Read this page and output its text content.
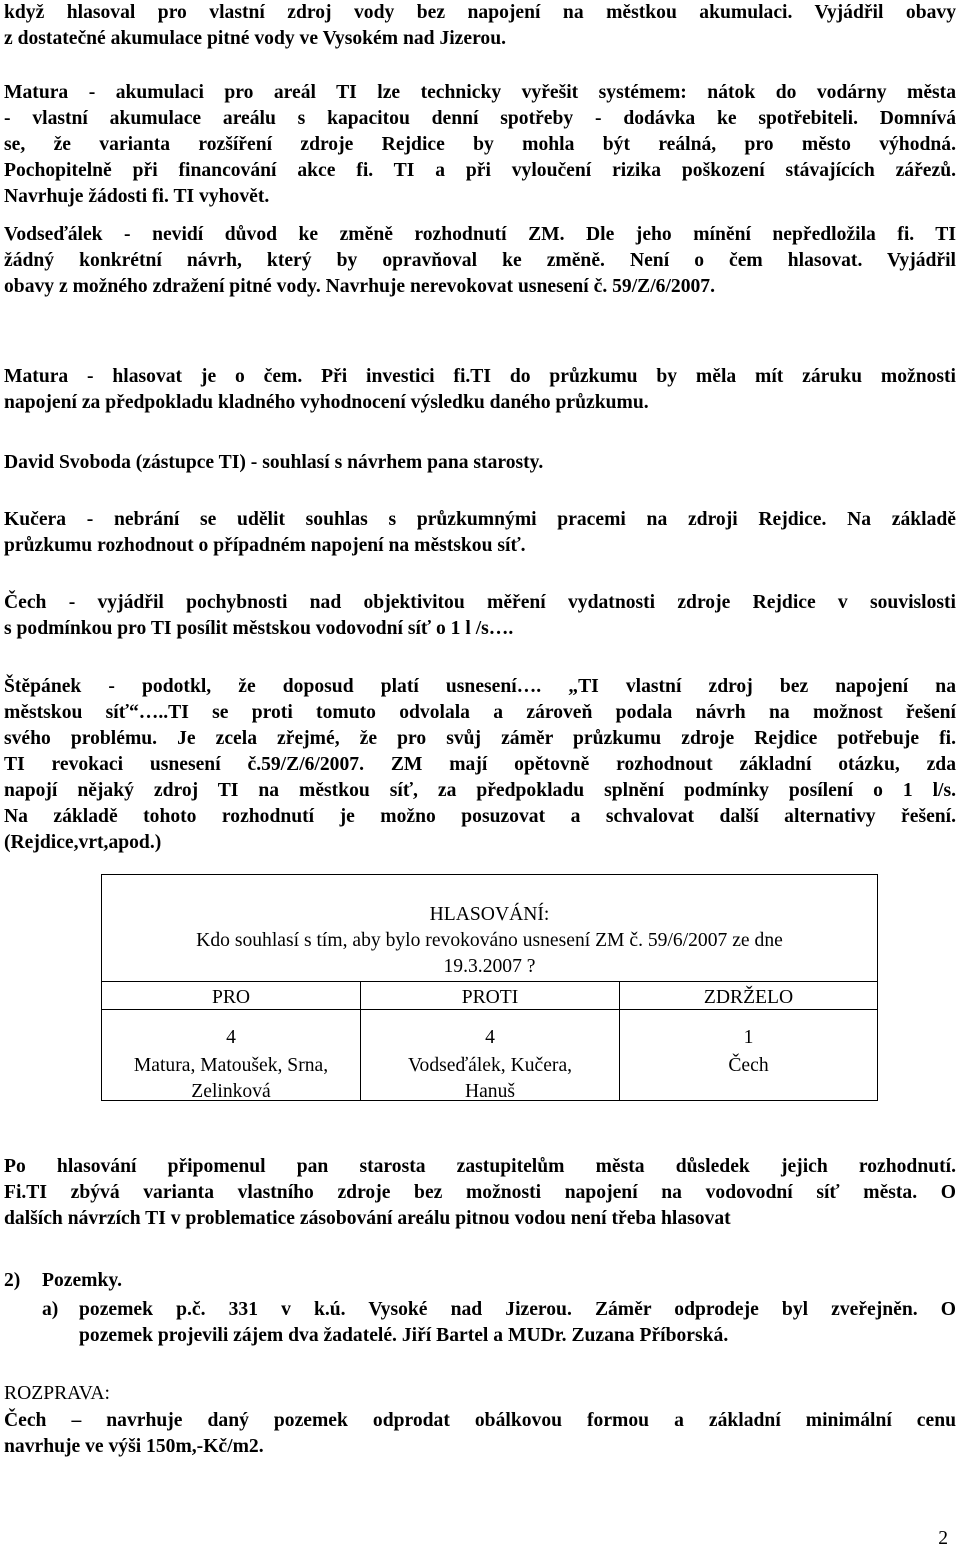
když hlasoval pro vlastní zdroj vody bez napojení na městkou akumulaci. Vyjádřil obavy
z dostatečné akumulace pitné vody ve Vysokém nad Jizerou.
Matura - akumulaci pro areál TI lze technicky vyřešit systémem: nátok do vodárny města
- vlastní akumulace areálu s kapacitou denní spotřeby - dodávka ke spotřebiteli. Domnívá
se, že varianta rozšíření zdroje Rejdice by mohla být reálná, pro město výhodná.
Pochopitelně při financování akce fi. TI a při vyloučení rizika poškození stávajících zářezů.
Navrhuje žádosti fi. TI vyhovět.
Vodseďálek - nevidí důvod ke změně rozhodnutí ZM. Dle jeho mínění nepředložila fi. TI
žádný konkrétní návrh, který by opravňoval ke změně. Není o čem hlasovat. Vyjádřil
obavy z možného zdražení pitné vody. Navrhuje nerevokovat usnesení č. 59/Z/6/2007.
Matura - hlasovat je o čem. Při investici fi.TI do průzkumu by měla mít záruku možnosti
napojení za předpokladu kladného vyhodnocení výsledku daného průzkumu.
David Svoboda (zástupce TI) - souhlasí s návrhem pana starosty.
Kučera - nebrání se udělit souhlas s průzkumnými pracemi na zdroji Rejdice. Na základě
průzkumu rozhodnout o případném napojení na městskou síť.
Čech - vyjádřil pochybnosti nad objektivitou měření vydatnosti zdroje Rejdice v souvislosti
s podmínkou pro TI posílit městskou vodovodní síť o 1 l /s….
Štěpánek - podotkl, že doposud platí usnesení…. „TI vlastní zdroj bez napojení na
městskou síť“…..TI se proti tomuto odvolala a zároveň podala návrh na možnost řešení
svého problému. Je zcela zřejmé, že pro svůj záměr průzkumu zdroje Rejdice potřebuje fi.
TI revokaci usnesení č.59/Z/6/2007. ZM mají opětovně rozhodnout základní otázku, zda
napojí nějaký zdroj TI na městkou síť, za předpokladu splnění podmínky posílení o 1 l/s.
Na základě tohoto rozhodnutí je možno posuzovat a schvalovat další alternativy řešení.
(Rejdice,vrt,apod.)
Po hlasování připomenul pan starosta zastupitelům města důsledek jejich rozhodnutí.
Fi.TI zbývá varianta vlastního zdroje bez možnosti napojení na vodovodní síť města. O
dalších návrzích TI v problematice zásobování areálu pitnou vodou není třeba hlasovat
2) Pozemky.
a) pozemek p.č. 331 v k.ú. Vysoké nad Jizerou. Záměr odprodeje byl zveřejněn. O
pozemek projevili zájem dva žadatelé. Jiří Bartel a MUDr. Zuzana Příborská.
ROZPRAVA:
Čech – navrhuje daný pozemek odprodat obálkovou formou a základní minimální cenu
navrhuje ve výši 150m,-Kč/m2.
HLASOVÁNÍ:
Kdo souhlasí s tím, aby bylo revokováno usnesení ZM č. 59/6/2007 ze dne
19.3.2007 ?
PRO
4
Matura, Matoušek, Srna,
Zelinková
PROTI
4
Vodseďálek, Kučera,
Hanuš
ZDRŽELO
1
Čech
2
